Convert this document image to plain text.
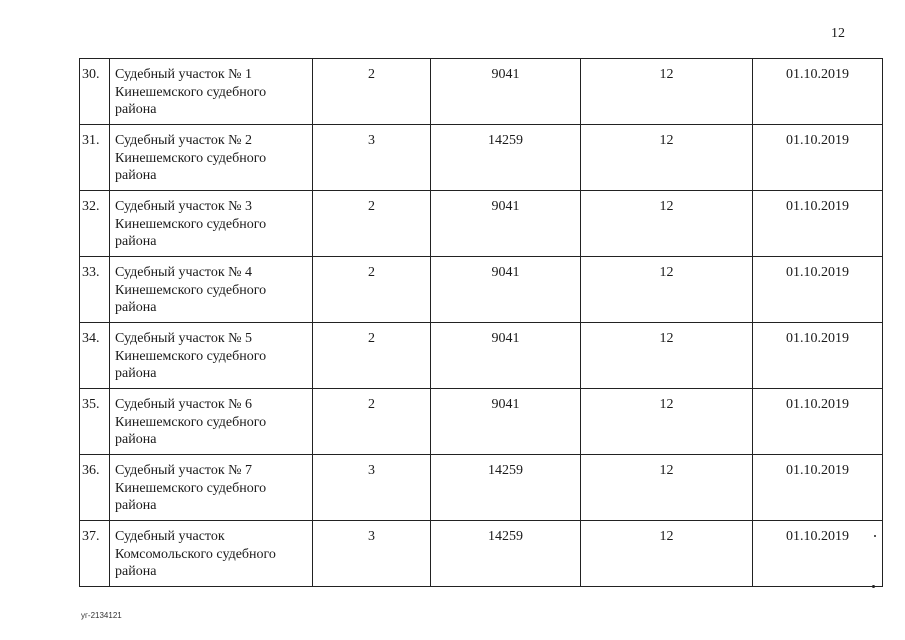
12
30.	Судебный участок № 1 Кинешемского судебного района	2	9041	12	01.10.2019
31.	Судебный участок № 2 Кинешемского судебного района	3	14259	12	01.10.2019
32.	Судебный участок № 3 Кинешемского судебного района	2	9041	12	01.10.2019
33.	Судебный участок № 4 Кинешемского судебного района	2	9041	12	01.10.2019
34.	Судебный участок № 5 Кинешемского судебного района	2	9041	12	01.10.2019
35.	Судебный участок № 6 Кинешемского судебного района	2	9041	12	01.10.2019
36.	Судебный участок № 7 Кинешемского судебного района	3	14259	12	01.10.2019
37.	Судебный участок Комсомольского судебного района	3	14259	12	01.10.2019
уг-2134121
